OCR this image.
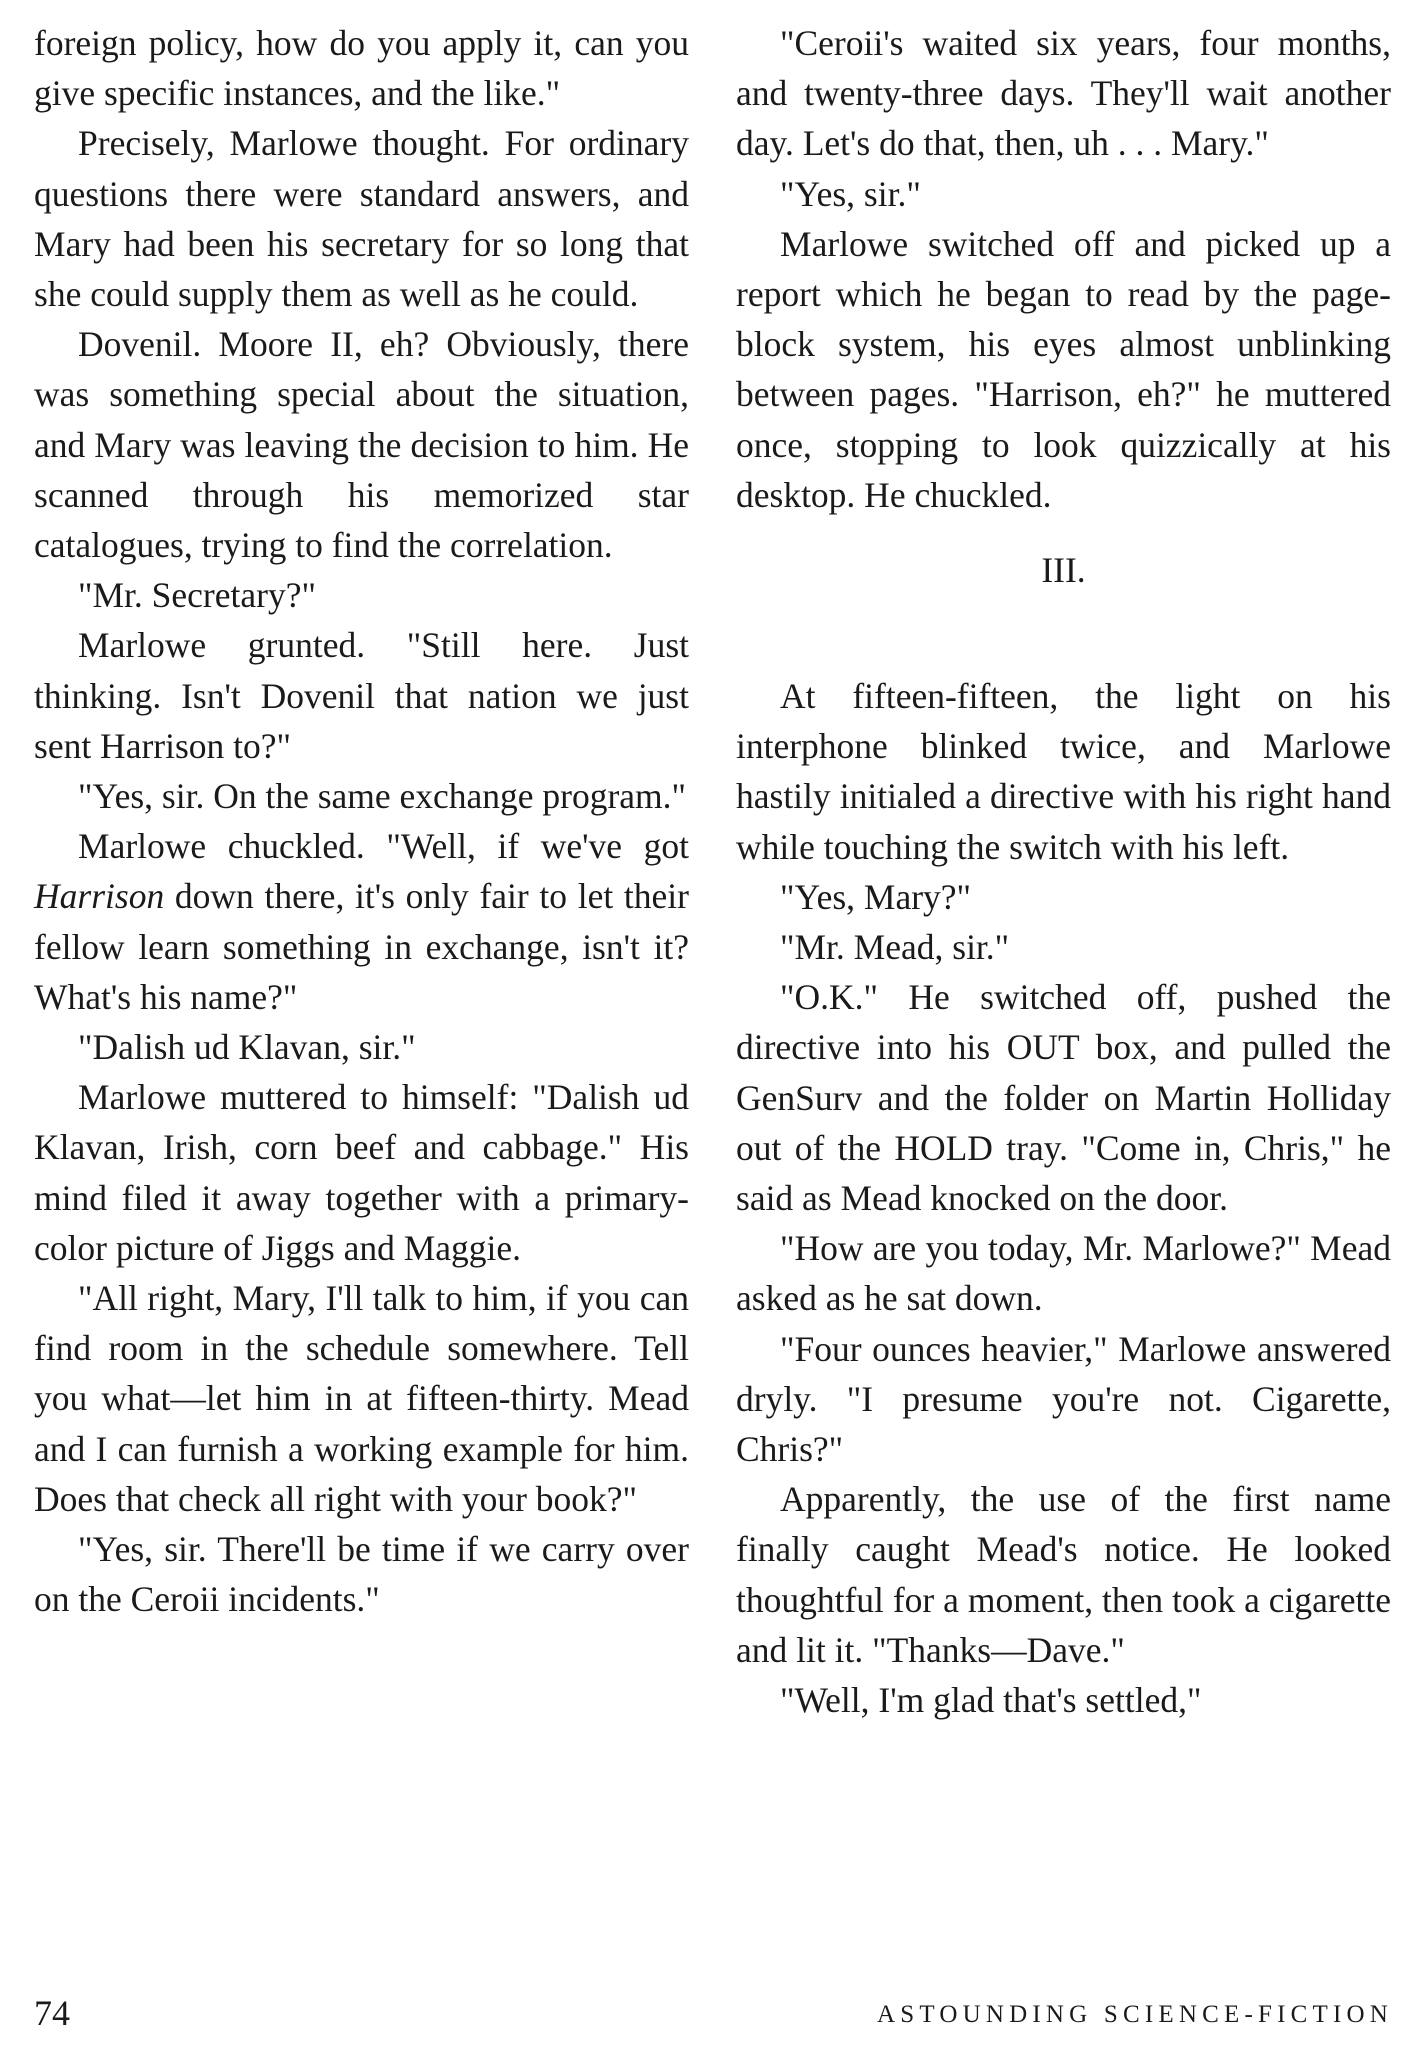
foreign policy, how do you apply it, can you give specific instances, and the like."

Precisely, Marlowe thought. For ordinary questions there were standard answers, and Mary had been his secretary for so long that she could supply them as well as he could.

Dovenil. Moore II, eh? Obviously, there was something special about the situation, and Mary was leaving the decision to him. He scanned through his memorized star catalogues, trying to find the correlation.

"Mr. Secretary?"

Marlowe grunted. "Still here. Just thinking. Isn't Dovenil that nation we just sent Harrison to?"

"Yes, sir. On the same exchange program."

Marlowe chuckled. "Well, if we've got Harrison down there, it's only fair to let their fellow learn something in exchange, isn't it? What's his name?"

"Dalish ud Klavan, sir."

Marlowe muttered to himself: "Dalish ud Klavan, Irish, corn beef and cabbage." His mind filed it away together with a primary-color picture of Jiggs and Maggie.

"All right, Mary, I'll talk to him, if you can find room in the schedule somewhere. Tell you what—let him in at fifteen-thirty. Mead and I can furnish a working example for him. Does that check all right with your book?"

"Yes, sir. There'll be time if we carry over on the Ceroii incidents."

"Ceroii's waited six years, four months, and twenty-three days. They'll wait another day. Let's do that, then, uh . . . Mary."

"Yes, sir."

Marlowe switched off and picked up a report which he began to read by the page-block system, his eyes almost unblinking between pages. "Harrison, eh?" he muttered once, stopping to look quizzically at his desktop. He chuckled.

III.

At fifteen-fifteen, the light on his interphone blinked twice, and Marlowe hastily initialed a directive with his right hand while touching the switch with his left.

"Yes, Mary?"

"Mr. Mead, sir."

"O.K." He switched off, pushed the directive into his OUT box, and pulled the GenSurv and the folder on Martin Holliday out of the HOLD tray. "Come in, Chris," he said as Mead knocked on the door.

"How are you today, Mr. Marlowe?" Mead asked as he sat down.

"Four ounces heavier," Marlowe answered dryly. "I presume you're not. Cigarette, Chris?"

Apparently, the use of the first name finally caught Mead's notice. He looked thoughtful for a moment, then took a cigarette and lit it. "Thanks—Dave."

"Well, I'm glad that's settled,"

74	ASTOUNDING SCIENCE-FICTION
